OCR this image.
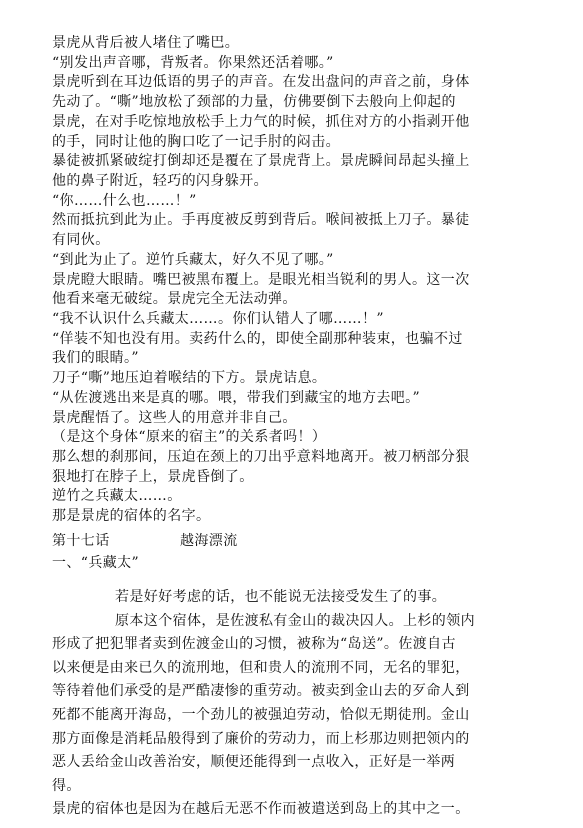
景虎从背后被人堵住了嘴巴。
“别发出声音哪，背叛者。你果然还活着哪。”
景虎听到在耳边低语的男子的声音。在发出盘问的声音之前，身体
先动了。“嘶”地放松了颈部的力量，仿佛要倒下去般向上仰起的
景虎，在对手吃惊地放松手上力气的时候，抓住对方的小指剥开他
的手，同时让他的胸口吃了一记手肘的闷击。
暴徒被抓紧破绽打倒却还是覆在了景虎背上。景虎瞬间昂起头撞上
他的鼻子附近，轻巧的闪身躲开。
“你……什么也……！”
然而抵抗到此为止。手再度被反剪到背后。喉间被抵上刀子。暴徒
有同伙。
“到此为止了。逆竹兵藏太，好久不见了哪。”
景虎瞪大眼睛。嘴巴被黑布覆上。是眼光相当锐利的男人。这一次
他看来毫无破绽。景虎完全无法动弹。
“我不认识什么兵藏太……。你们认错人了哪……！”
“佯装不知也没有用。卖药什么的，即使全副那种装束，也骗不过
我们的眼睛。”
刀子“嘶”地压迫着喉结的下方。景虎诘息。
“从佐渡逃出来是真的哪。喂，带我们到藏宝的地方去吧。”
景虎醒悟了。这些人的用意并非自己。
（是这个身体“原来的宿主”的关系者吗！）
那么想的刹那间，压迫在颈上的刀出乎意料地离开。被刀柄部分狠
狠地打在脖子上，景虎昏倒了。
逆竹之兵藏太……。
那是景虎的宿体的名字。
第十七话	越海漂流
一、“兵藏太”
若是好好考虑的话，也不能说无法接受发生了的事。
原本这个宿体，是佐渡私有金山的裁决囚人。上杉的领内
形成了把犯罪者卖到佐渡金山的习惯，被称为“岛送”。佐渡自古
以来便是由来已久的流刑地，但和贵人的流刑不同，无名的罪犯，
等待着他们承受的是严酷凄惨的重劳动。被卖到金山去的歹命人到
死都不能离开海岛，一个劲儿的被强迫劳动，恰似无期徒刑。金山
那方面像是消耗品般得到了廉价的劳动力，而上杉那边则把领内的
恶人丢给金山改善治安，顺便还能得到一点收入，正好是一举两
得。
景虎的宿体也是因为在越后无恶不作而被遣送到岛上的其中之一。
